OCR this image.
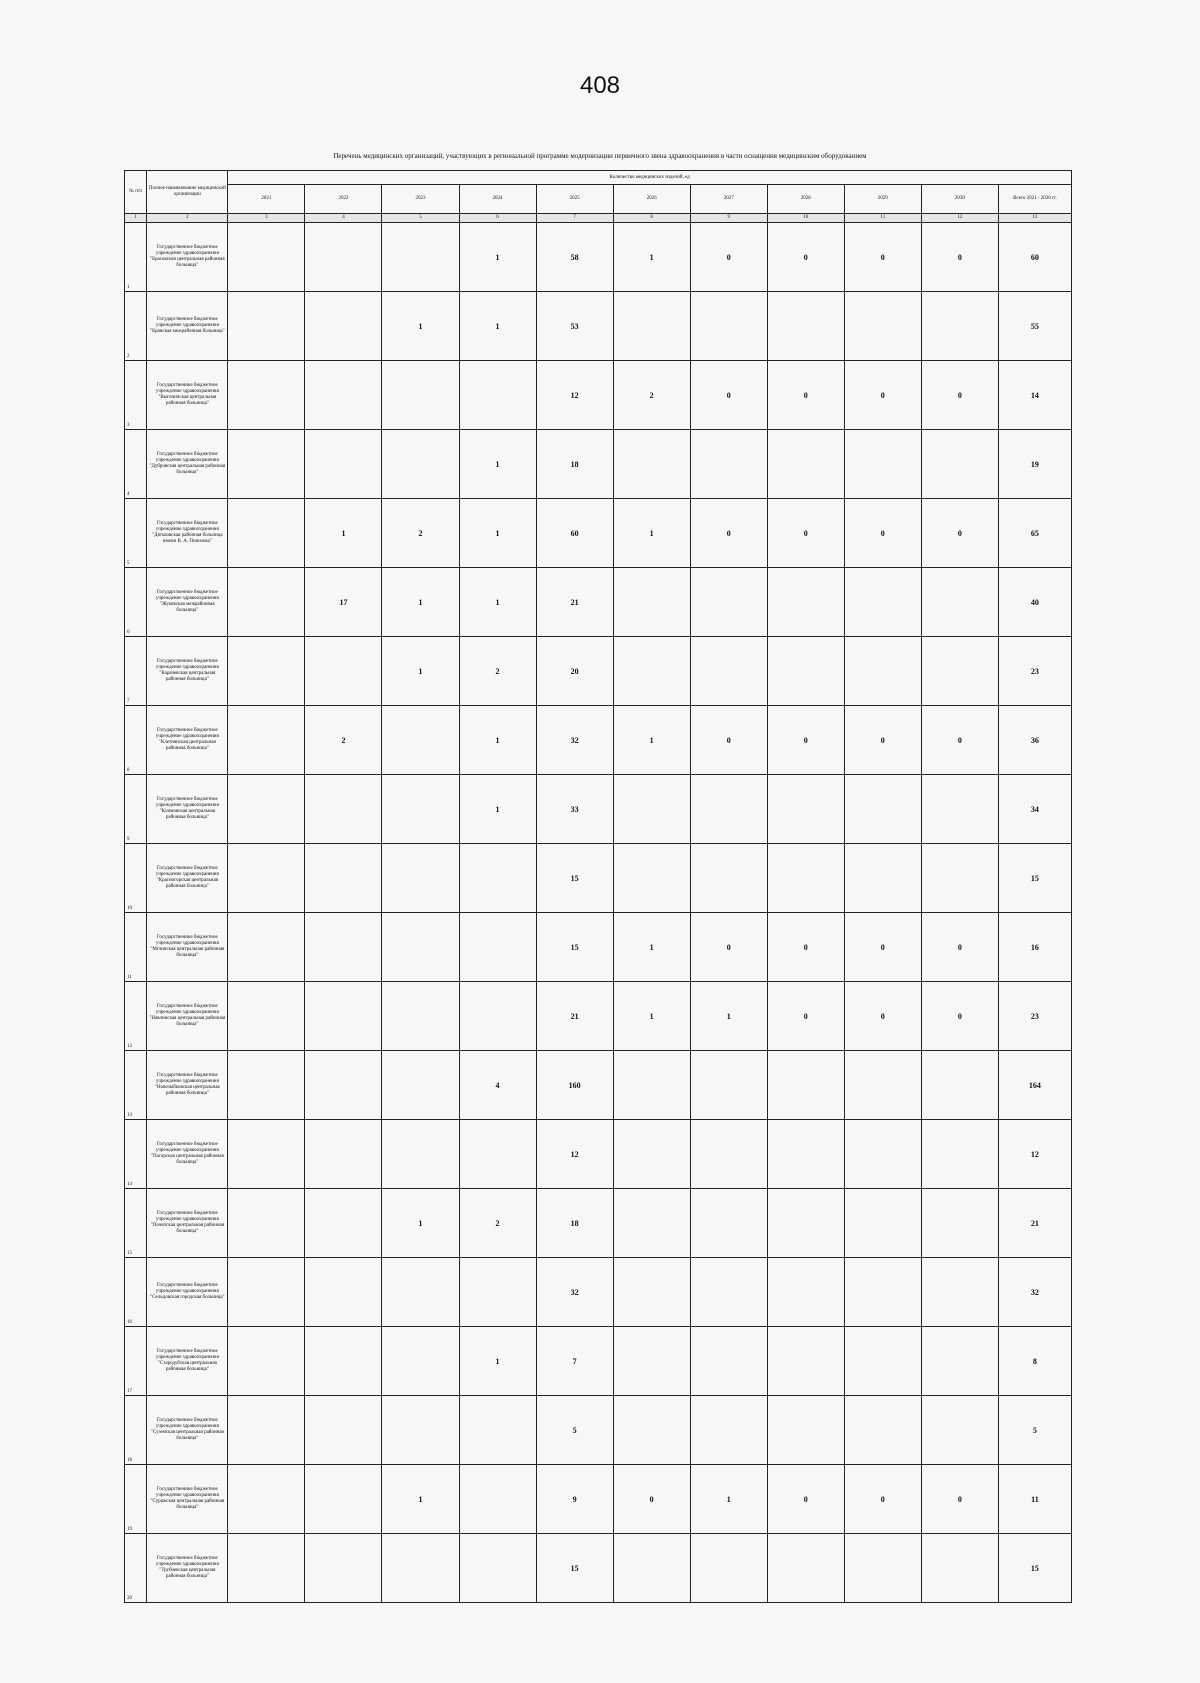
408
Перечень медицинских организаций, участвующих в региональной программе модернизации первичного звена здравоохранения в части оснащения медицинским оборудованием
№ п/п	Полное наименование медицинской организации	Количество медицинских изделий, ед										
		2021	2022	2023	2024	2025	2026	2027	2028	2029	2030	Всего 2021 - 2030 гг.
1	2	3	4	5	6	7	8	9	10	11	12	13
1	Государственное бюджетное учреждение здравоохранения "Брасовская центральная районная больница"				1	58	1	0	0	0	0	60
2	Государственное бюджетное учреждение здравоохранения "Брянская межрайонная больница"			1	1	53						55
3	Государственное бюджетное учреждение здравоохранения "Выгоничская центральная районная больница"					12	2	0	0	0	0	14
4	Государственное бюджетное учреждение здравоохранения "Дубровская центральная районная больница"				1	18						19
5	Государственное бюджетное учреждение здравоохранения "Дятьковская районная больница имени В. А. Понизова"		1	2	1	60	1	0	0	0	0	65
6	Государственное бюджетное учреждение здравоохранения "Жуковская межрайонная больница"		17	1	1	21						40
7	Государственное бюджетное учреждение здравоохранения "Карачевская центральная районная больница"			1	2	20						23
8	Государственное бюджетное учреждение здравоохранения "Клетнянская центральная районная больница"		2		1	32	1	0	0	0	0	36
9	Государственное бюджетное учреждение здравоохранения "Климовская центральная районная больница"				1	33						34
10	Государственное бюджетное учреждение здравоохранения "Красногорская центральная районная больница"					15						15
11	Государственное бюджетное учреждение здравоохранения "Мглинская центральная районная больница"					15	1	0	0	0	0	16
12	Государственное бюджетное учреждение здравоохранения "Навлинская центральная районная больница"					21	1	1	0	0	0	23
13	Государственное бюджетное учреждение здравоохранения "Новозыбковская центральная районная больница"				4	160						164
14	Государственное бюджетное учреждение здравоохранения "Погарская центральная районная больница"					12						12
15	Государственное бюджетное учреждение здравоохранения "Почепская центральная районная больница"			1	2	18						21
16	Государственное бюджетное учреждение здравоохранения "Сельцовская городская больница"					32						32
17	Государственное бюджетное учреждение здравоохранения "Стародубская центральная районная больница"				1	7						8
18	Государственное бюджетное учреждение здравоохранения "Суземская центральная районная больница"					5						5
19	Государственное бюджетное учреждение здравоохранения "Суражская центральная районная больница"			1		9	0	1	0	0	0	11
20	Государственное бюджетное учреждение здравоохранения "Трубчевская центральная районная больница"					15						15
